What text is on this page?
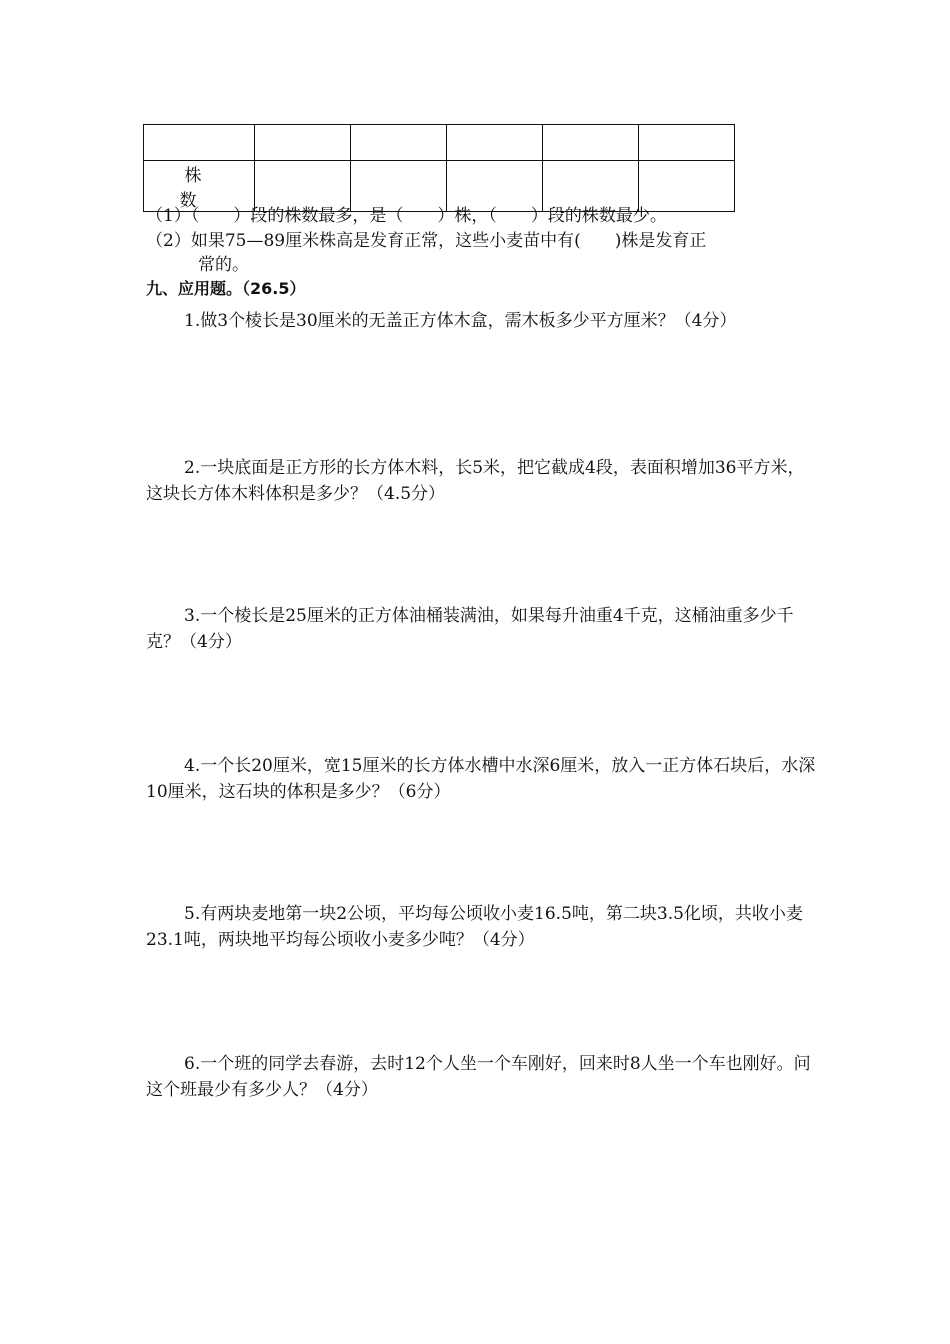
株 数					
（1）（　　）段的株数最多，是（　　）株，（　　）段的株数最少。
（2）如果75—89厘米株高是发育正常，这些小麦苗中有(　　)株是发育正
常的。
九、应用题。（26.5）
1.做3个棱长是30厘米的无盖正方体木盒，需木板多少平方厘米？（4分）
2.一块底面是正方形的长方体木料，长5米，把它截成4段，表面积增加36平方米，这块长方体木料体积是多少？（4.5分）
3.一个棱长是25厘米的正方体油桶装满油，如果每升油重4千克，这桶油重多少千克？（4分）
4.一个长20厘米，宽15厘米的长方体水槽中水深6厘米，放入一正方体石块后，水深10厘米，这石块的体积是多少？（6分）
5.有两块麦地第一块2公顷，平均每公顷收小麦16.5吨，第二块3.5化顷，共收小麦23.1吨，两块地平均每公顷收小麦多少吨？（4分）
6.一个班的同学去春游，去时12个人坐一个车刚好，回来时8人坐一个车也刚好。问这个班最少有多少人？（4分）
